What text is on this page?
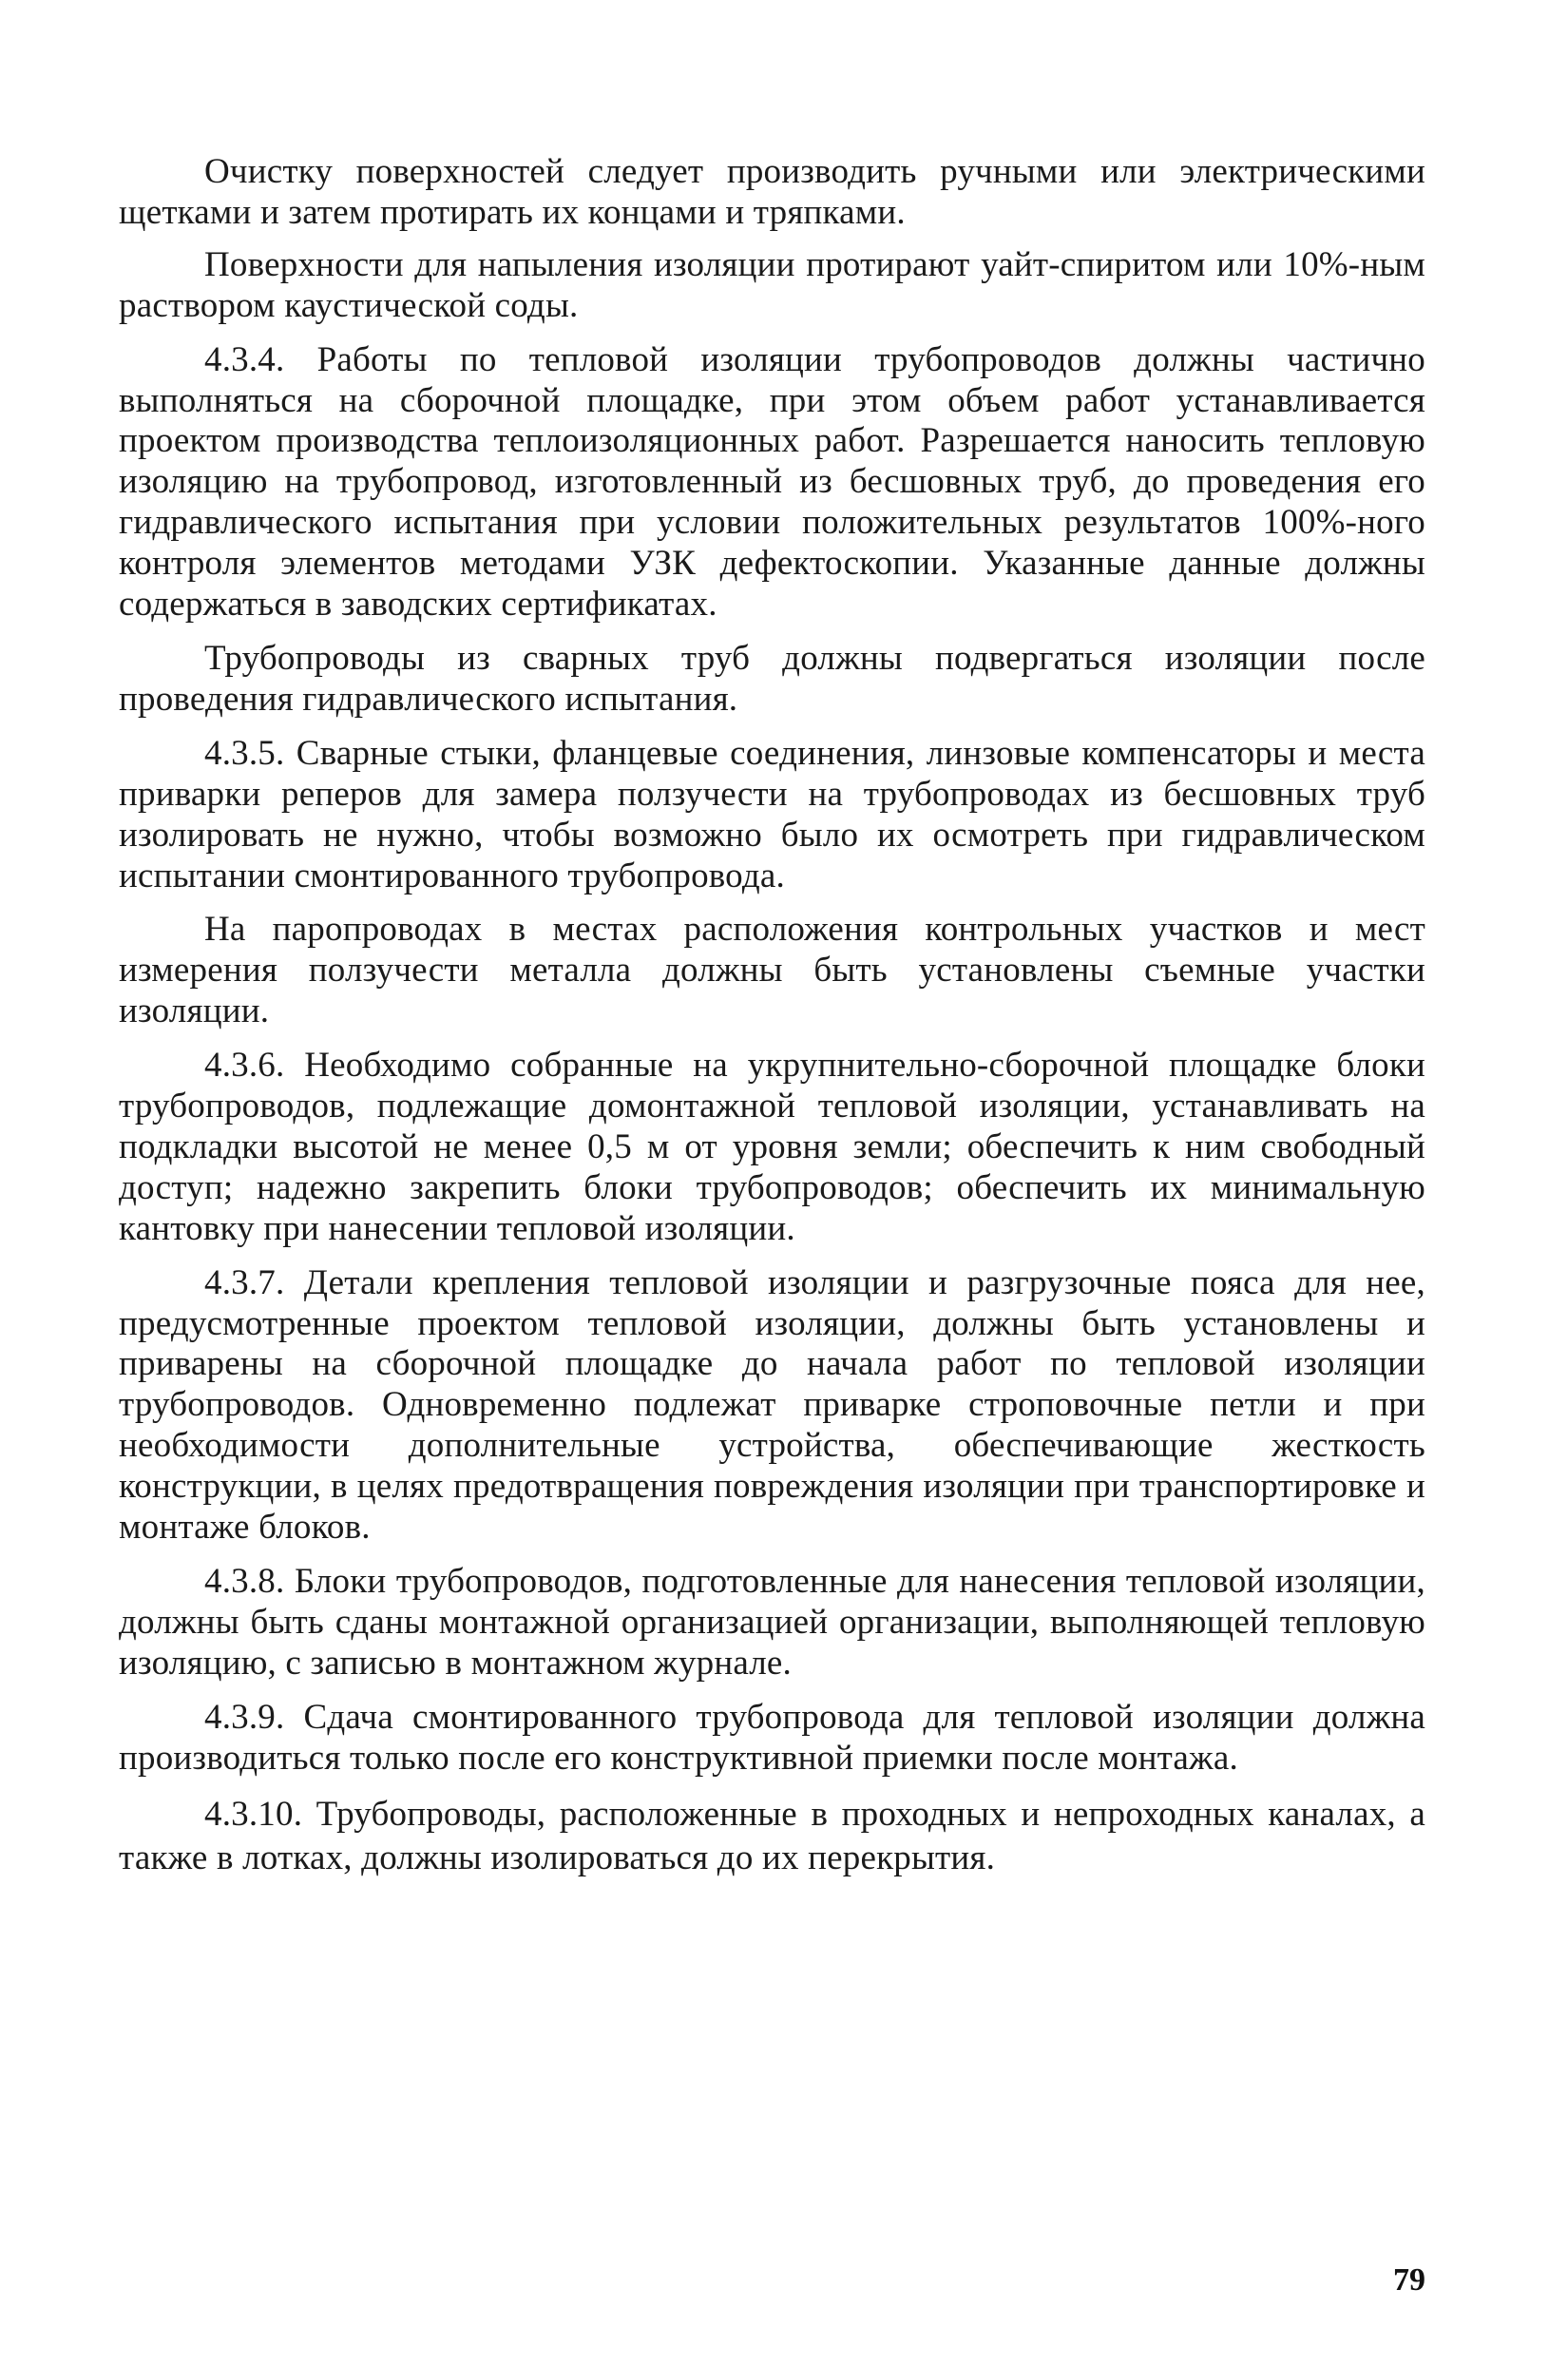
Очистку поверхностей следует производить ручными или электрическими щетками и затем протирать их концами и тряпками.

Поверхности для напыления изоляции протирают уайт-спиритом или 10%-ным раствором каустической соды.

4.3.4. Работы по тепловой изоляции трубопроводов должны частично выполняться на сборочной площадке, при этом объем работ устанавливается проектом производства теплоизоляционных работ. Разрешается наносить тепловую изоляцию на трубопровод, изготовленный из бесшовных труб, до проведения его гидравлического испытания при условии положительных результатов 100%-ного контроля элементов методами УЗК дефектоскопии. Указанные данные должны содержаться в заводских сертификатах.

Трубопроводы из сварных труб должны подвергаться изоляции после проведения гидравлического испытания.

4.3.5. Сварные стыки, фланцевые соединения, линзовые компенсаторы и места приварки реперов для замера ползучести на трубопроводах из бесшовных труб изолировать не нужно, чтобы возможно было их осмотреть при гидравлическом испытании смонтированного трубопровода.

На паропроводах в местах расположения контрольных участков и мест измерения ползучести металла должны быть установлены съемные участки изоляции.

4.3.6. Необходимо собранные на укрупнительно-сборочной площадке блоки трубопроводов, подлежащие домонтажной тепловой изоляции, устанавливать на подкладки высотой не менее 0,5 м от уровня земли; обеспечить к ним свободный доступ; надежно закрепить блоки трубопроводов; обеспечить их минимальную кантовку при нанесении тепловой изоляции.

4.3.7. Детали крепления тепловой изоляции и разгрузочные пояса для нее, предусмотренные проектом тепловой изоляции, должны быть установлены и приварены на сборочной площадке до начала работ по тепловой изоляции трубопроводов. Одновременно подлежат приварке строповочные петли и при необходимости дополнительные устройства, обеспечивающие жесткость конструкции, в целях предотвращения повреждения изоляции при транспортировке и монтаже блоков.

4.3.8. Блоки трубопроводов, подготовленные для нанесения тепловой изоляции, должны быть сданы монтажной организацией организации, выполняющей тепловую изоляцию, с записью в монтажном журнале.

4.3.9. Сдача смонтированного трубопровода для тепловой изоляции должна производиться только после его конструктивной приемки после монтажа.

4.3.10. Трубопроводы, расположенные в проходных и непроходных каналах, а также в лотках, должны изолироваться до их перекрытия.

79
